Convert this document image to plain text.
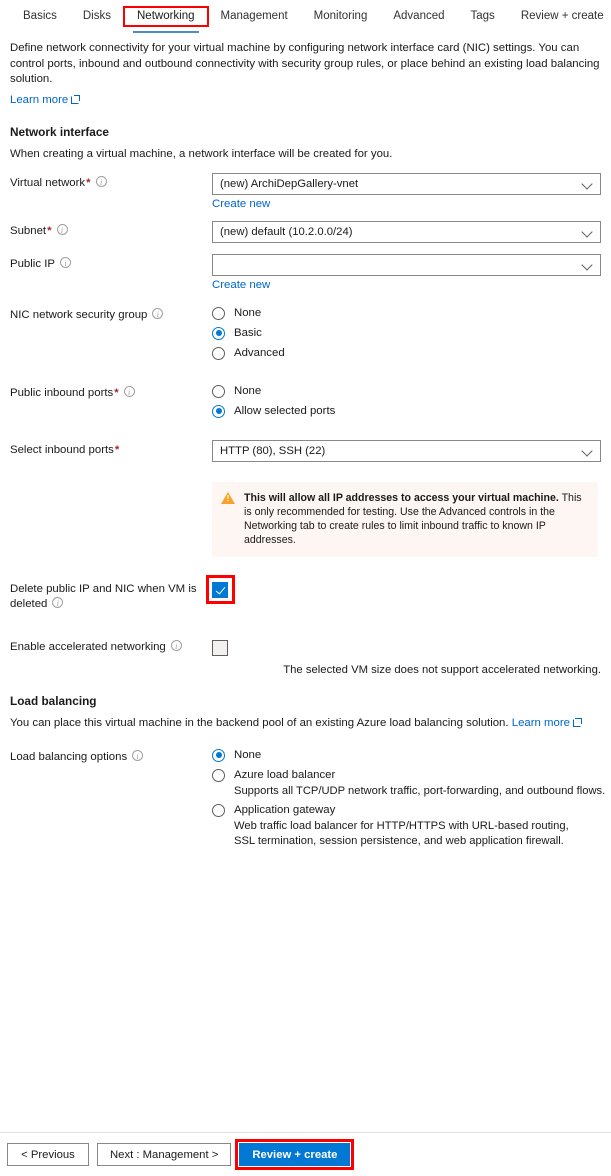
Basics	Disks	Networking	Management	Monitoring	Advanced	Tags	Review + create
Define network connectivity for your virtual machine by configuring network interface card (NIC) settings. You can control ports, inbound and outbound connectivity with security group rules, or place behind an existing load balancing solution.
Learn more
Network interface
When creating a virtual machine, a network interface will be created for you.
Virtual network* i	(new) ArchiDepGallery-vnet
Create new
Subnet* i	(new) default (10.2.0.0/24)
Public IPi
Create new
NIC network security group i	None
Basic
Advanced
Public inbound ports* i	None
Allow selected ports
Select inbound ports*	HTTP (80), SSH (22)
!
This will allow all IP addresses to access your virtual machine. This is only recommended for testing. Use the Advanced controls in the Networking tab to create rules to limit inbound traffic to known IP addresses.
Delete public IP and NIC when VM is deletedi
Enable accelerated networkingi
The selected VM size does not support accelerated networking.
Load balancing
You can place this virtual machine in the backend pool of an existing Azure load balancing solution. Learn more
Load balancing options i	None
Azure load balancer
Supports all TCP/UDP network traffic, port-forwarding, and outbound flows.
Application gateway
Web traffic load balancer for HTTP/HTTPS with URL-based routing, SSL termination, session persistence, and web application firewall.
< Previous	Next : Management >	Review + create
